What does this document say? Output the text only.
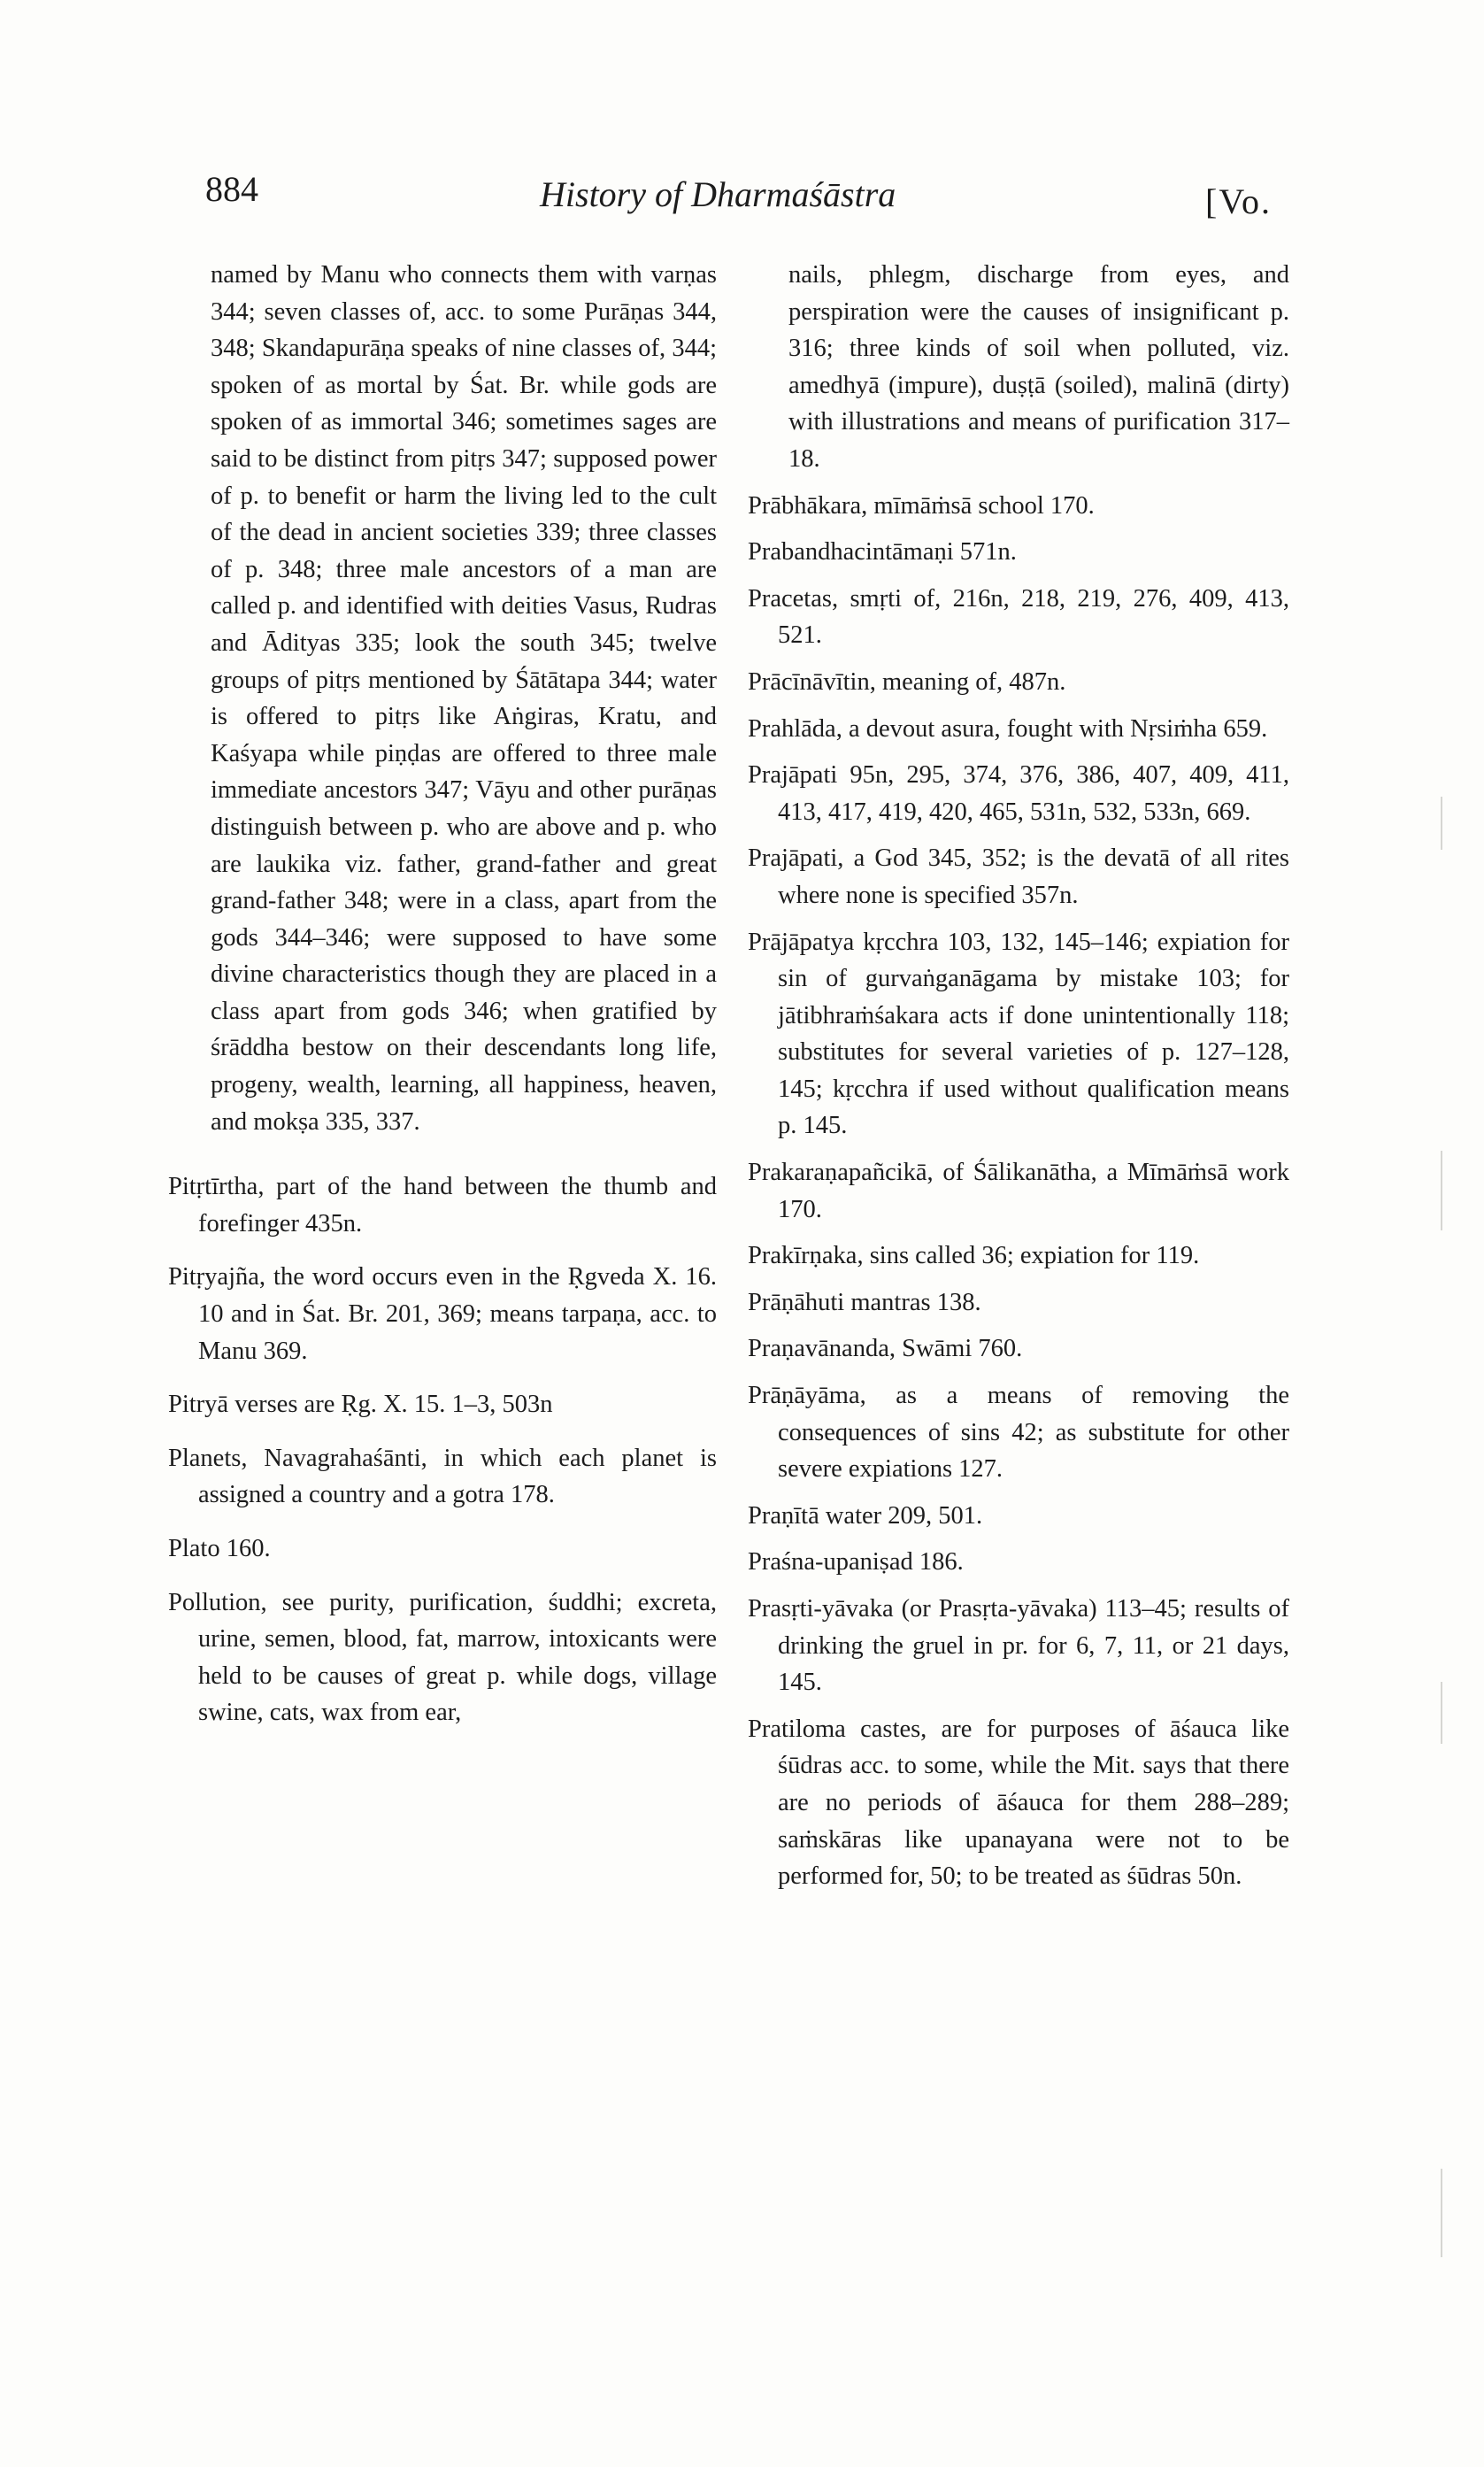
884	History of Dharmaśāstra	[Vo.
named by Manu who connects them with varṇas 344; seven classes of, acc. to some Purāṇas 344, 348; Skandapurāṇa speaks of nine classes of, 344; spoken of as mortal by Śat. Br. while gods are spoken of as immortal 346; sometimes sages are said to be distinct from pitṛs 347; supposed power of p. to benefit or harm the living led to the cult of the dead in ancient societies 339; three classes of p. 348; three male ancestors of a man are called p. and identified with deities Vasus, Rudras and Ādityas 335; look the south 345; twelve groups of pitṛs mentioned by Śātātapa 344; water is offered to pitṛs like Aṅgiras, Kratu, and Kaśyapa while piṇḍas are offered to three male immediate ancestors 347; Vāyu and other purāṇas distinguish between p. who are above and p. who are laukika viz. father, grand-father and great grand-father 348; were in a class, apart from the gods 344–346; were supposed to have some divine characteristics though they are placed in a class apart from gods 346; when gratified by śrāddha bestow on their descendants long life, progeny, wealth, learning, all happiness, heaven, and mokṣa 335, 337.
Pitṛtīrtha, part of the hand between the thumb and forefinger 435n.
Pitṛyajña, the word occurs even in the Ṛgveda X. 16. 10 and in Śat. Br. 201, 369; means tarpaṇa, acc. to Manu 369.
Pitryā verses are Ṛg. X. 15. 1–3, 503n
Planets, Navagrahaśānti, in which each planet is assigned a country and a gotra 178.
Plato 160.
Pollution, see purity, purification, śuddhi; excreta, urine, semen, blood, fat, marrow, intoxicants were held to be causes of great p. while dogs, village swine, cats, wax from ear,
nails, phlegm, discharge from eyes, and perspiration were the causes of insignificant p. 316; three kinds of soil when polluted, viz. amedhyā (impure), duṣṭā (soiled), malinā (dirty) with illustrations and means of purification 317–18.
Prābhākara, mīmāṁsā school 170.
Prabandhacintāmaṇi 571n.
Pracetas, smṛti of, 216n, 218, 219, 276, 409, 413, 521.
Prācīnāvītin, meaning of, 487n.
Prahlāda, a devout asura, fought with Nṛsiṁha 659.
Prajāpati 95n, 295, 374, 376, 386, 407, 409, 411, 413, 417, 419, 420, 465, 531n, 532, 533n, 669.
Prajāpati, a God 345, 352; is the devatā of all rites where none is specified 357n.
Prājāpatya kṛcchra 103, 132, 145–146; expiation for sin of gurvaṅganāgama by mistake 103; for jātibhraṁśakara acts if done unintentionally 118; substitutes for several varieties of p. 127–128, 145; kṛcchra if used without qualification means p. 145.
Prakaraṇapañcikā, of Śālikanātha, a Mīmāṁsā work 170.
Prakīrṇaka, sins called 36; expiation for 119.
Prāṇāhuti mantras 138.
Praṇavānanda, Swāmi 760.
Prāṇāyāma, as a means of removing the consequences of sins 42; as substitute for other severe expiations 127.
Praṇītā water 209, 501.
Praśna-upaniṣad 186.
Prasṛti-yāvaka (or Prasṛta-yāvaka) 113–45; results of drinking the gruel in pr. for 6, 7, 11, or 21 days, 145.
Pratiloma castes, are for purposes of āśauca like śūdras acc. to some, while the Mit. says that there are no periods of āśauca for them 288–289; saṁskāras like upanayana were not to be performed for, 50; to be treated as śūdras 50n.
